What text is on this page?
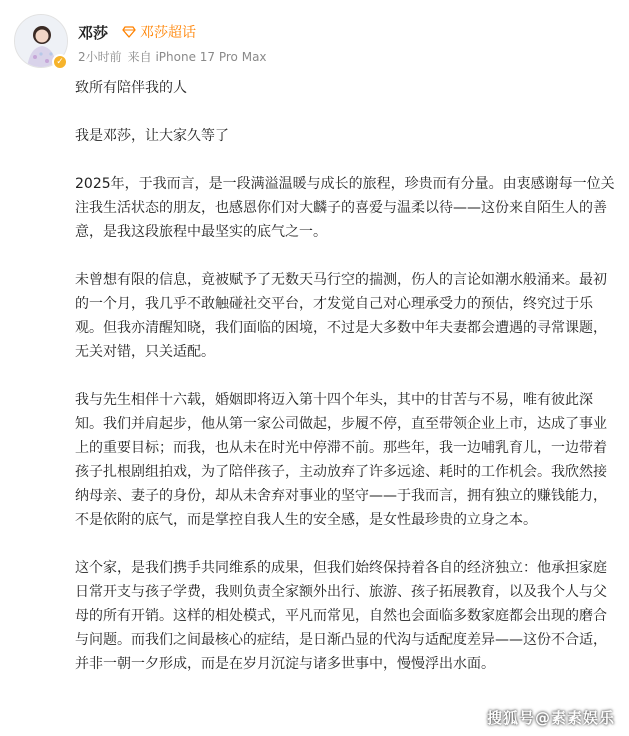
✓
邓莎 邓莎超话
2小时前 来自 iPhone 17 Pro Max

致所有陪伴我的人

我是邓莎，让大家久等了

2025年，于我而言，是一段满溢温暖与成长的旅程，珍贵而有分量。由衷感谢每一位关注我生活状态的朋友，也感恩你们对大麟子的喜爱与温柔以待——这份来自陌生人的善意，是我这段旅程中最坚实的底气之一。

未曾想有限的信息，竟被赋予了无数天马行空的揣测，伤人的言论如潮水般涌来。最初的一个月，我几乎不敢触碰社交平台，才发觉自己对心理承受力的预估，终究过于乐观。但我亦清醒知晓，我们面临的困境，不过是大多数中年夫妻都会遭遇的寻常课题，无关对错，只关适配。

我与先生相伴十六载，婚姻即将迈入第十四个年头，其中的甘苦与不易，唯有彼此深知。我们并肩起步，他从第一家公司做起，步履不停，直至带领企业上市，达成了事业上的重要目标；而我，也从未在时光中停滞不前。那些年，我一边哺乳育儿，一边带着孩子扎根剧组拍戏，为了陪伴孩子，主动放弃了许多远途、耗时的工作机会。我欣然接纳母亲、妻子的身份，却从未舍弃对事业的坚守——于我而言，拥有独立的赚钱能力，不是依附的底气，而是掌控自我人生的安全感，是女性最珍贵的立身之本。

这个家，是我们携手共同维系的成果，但我们始终保持着各自的经济独立：他承担家庭日常开支与孩子学费，我则负责全家额外出行、旅游、孩子拓展教育，以及我个人与父母的所有开销。这样的相处模式，平凡而常见，自然也会面临多数家庭都会出现的磨合与问题。而我们之间最核心的症结，是日渐凸显的代沟与适配度差异——这份不合适，并非一朝一夕形成，而是在岁月沉淀与诸多世事中，慢慢浮出水面。

搜狐号@素素娱乐
